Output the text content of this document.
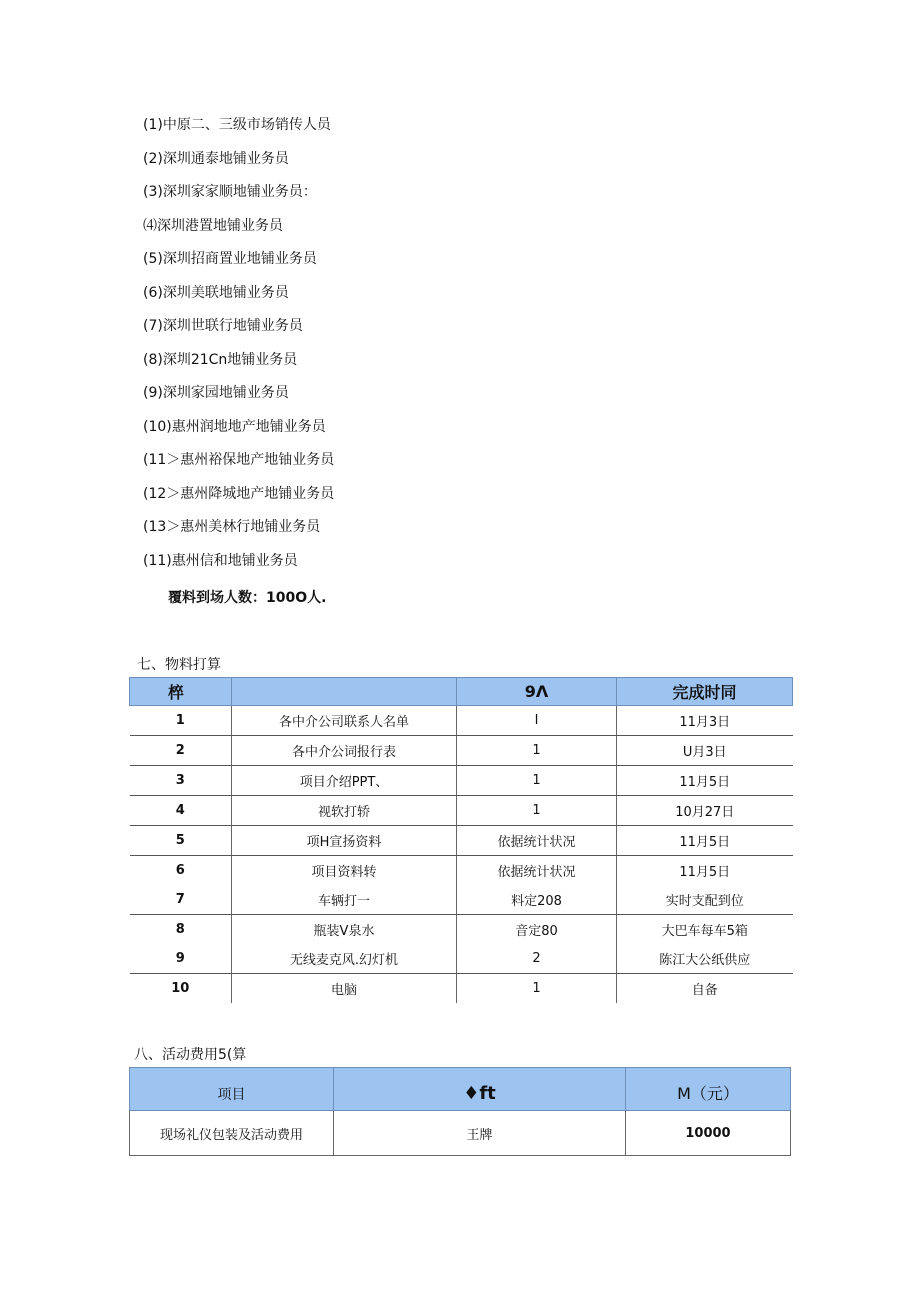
(1)中原二、三级市场销传人员
(2)深圳通泰地铺业务员
(3)深圳家家顺地铺业务员：
⑷深圳港置地铺业务员
(5)深圳招商置业地铺业务员
(6)深圳美联地铺业务员
(7)深圳世联行地铺业务员
(8)深圳21Cn地铺业务员
(9)深圳家园地铺业务员
(10)惠州润地地产地铺业务员
(11＞惠州裕保地产地铀业务员
(12＞惠州降城地产地铺业务员
(13＞惠州美林行地铺业务员
(11)惠州信和地铺业务员
覆料到场人数：100O人.
七、物料打算
椊		9Λ	完成时同
1	各中介公司联系人名单	I	11月3日
2	各中介公词报行表	1	U月3日
3	项目介绍PPT、	1	11月5日
4	视软打轿	1	10月27日
5	项H宣扬资料	依据统计状况	11月5日
6	项目资料转	依据统计状况	11月5日
7	车辆打一	料定208	实时支配到位
8	瓶装V泉水	音定80	大巴车每车5箱
9	无线麦克风.幻灯机	2	陈江大公纸供应
10	电脑	1	自备
八、活动费用5(算
项目	♦ft	M（元）
现场礼仪包装及活动费用	王牌	10000
